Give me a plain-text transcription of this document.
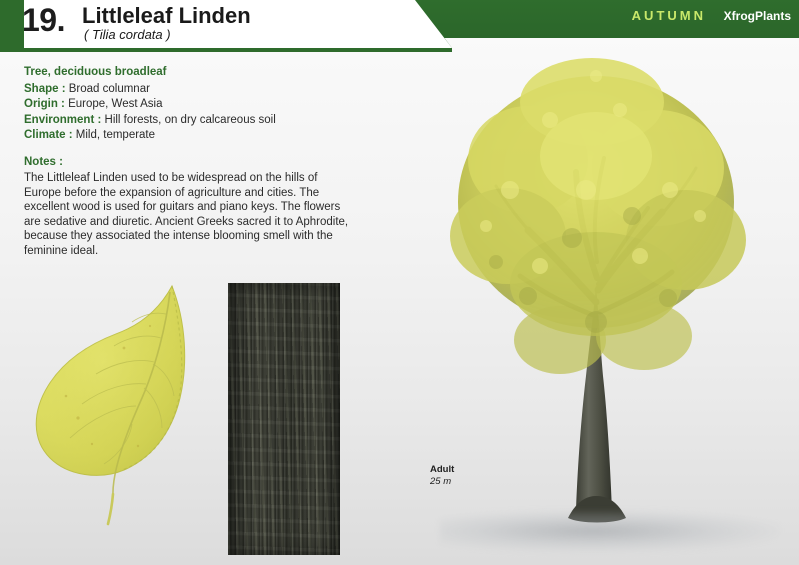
19. Littleleaf Linden
( Tilia cordata )
AUTUMN XfrogPlants
Tree, deciduous broadleaf
Shape : Broad columnar
Origin : Europe, West Asia
Environment : Hill forests, on dry calcareous soil
Climate : Mild, temperate
Notes :
The Littleleaf Linden used to be widespread on the hills of Europe before the expansion of agriculture and cities. The excellent wood is used for guitars and piano keys. The flowers are sedative and diuretic. Ancient Greeks sacred it to Aphrodite, because they associated the intense blooming smell with the feminine ideal.
Adult
25 m
